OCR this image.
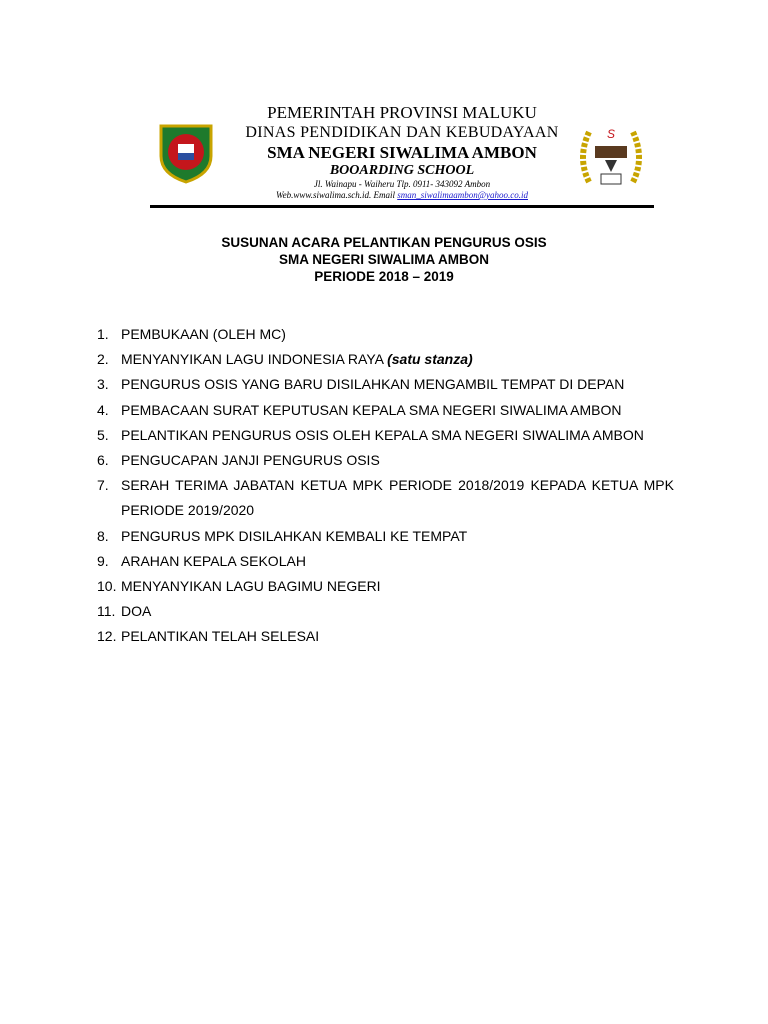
S
PEMERINTAH PROVINSI MALUKU
DINAS PENDIDIKAN DAN KEBUDAYAAN
SMA NEGERI SIWALIMA AMBON
BOOARDING SCHOOL
Jl. Wainapu - Waiheru Tlp. 0911- 343092 Ambon
Web.www.siwalima.sch.id. Email sman_siwalimaambon@yahoo.co.id
SUSUNAN ACARA PELANTIKAN PENGURUS OSIS
SMA NEGERI SIWALIMA AMBON
PERIODE 2018 – 2019
1. PEMBUKAAN (OLEH MC)
2. MENYANYIKAN LAGU INDONESIA RAYA (satu stanza)
3. PENGURUS OSIS YANG BARU DISILAHKAN MENGAMBIL TEMPAT DI DEPAN
4. PEMBACAAN SURAT KEPUTUSAN KEPALA SMA NEGERI SIWALIMA AMBON
5. PELANTIKAN PENGURUS OSIS OLEH KEPALA SMA NEGERI SIWALIMA AMBON
6. PENGUCAPAN JANJI PENGURUS OSIS
7. SERAH TERIMA JABATAN KETUA MPK PERIODE 2018/2019 KEPADA KETUA MPK PERIODE 2019/2020
8. PENGURUS MPK DISILAHKAN KEMBALI KE TEMPAT
9. ARAHAN KEPALA SEKOLAH
10. MENYANYIKAN LAGU BAGIMU NEGERI
11. DOA
12. PELANTIKAN TELAH SELESAI
